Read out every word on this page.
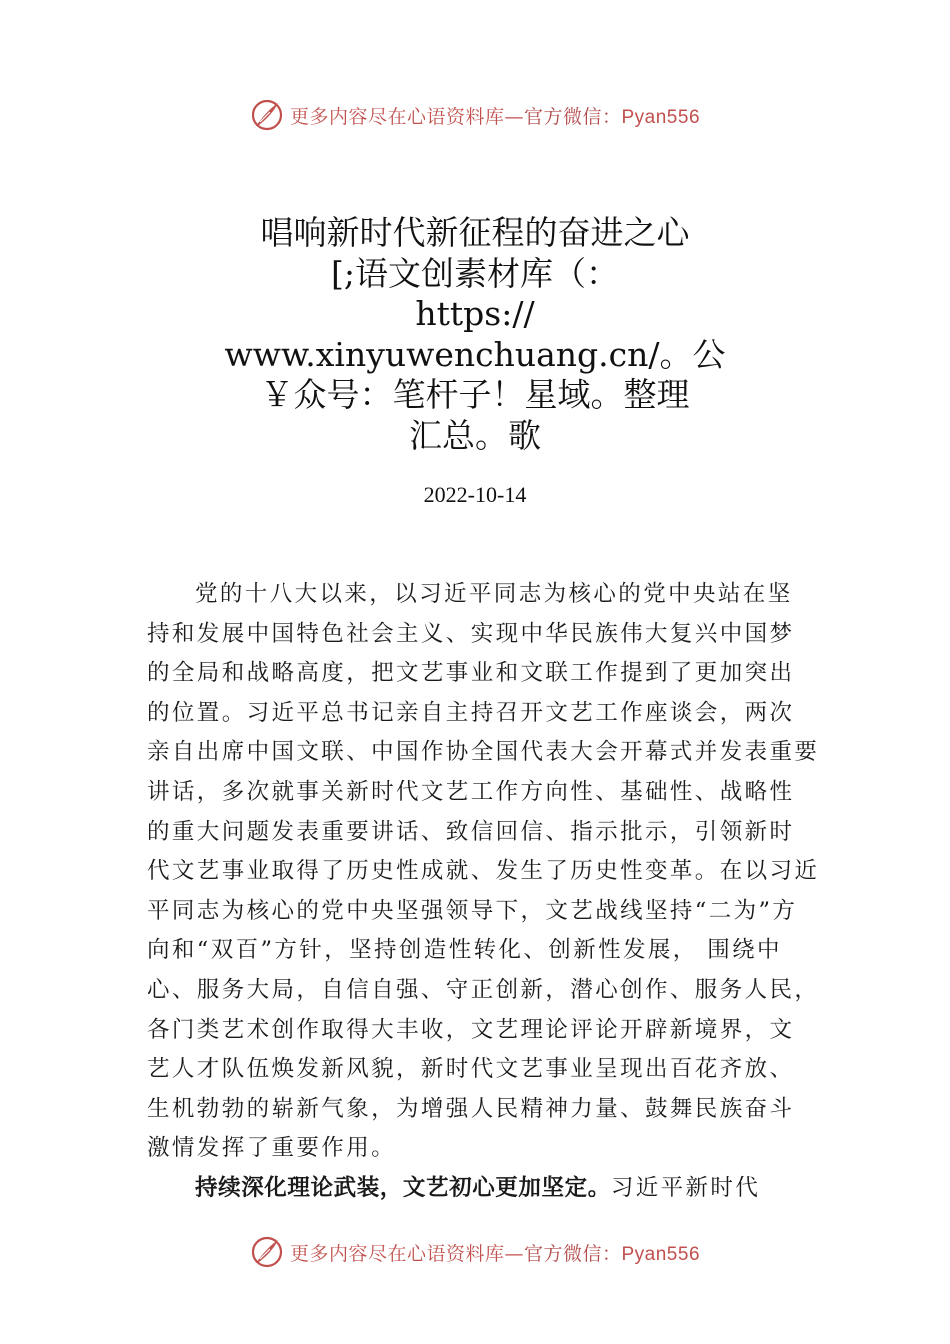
更多内容尽在心语资料库—官方微信：Pyan556
唱响新时代新征程的奋进之心
[;语文创素材库（：
https://
www.xinyuwenchuang.cn/。公
￥众号：笔杆子！星域。整理
汇总。歌
2022-10-14
党的十八大以来，以习近平同志为核心的党中央站在坚
持和发展中国特色社会主义、实现中华民族伟大复兴中国梦
的全局和战略高度，把文艺事业和文联工作提到了更加突出
的位置。习近平总书记亲自主持召开文艺工作座谈会，两次
亲自出席中国文联、中国作协全国代表大会开幕式并发表重要
讲话，多次就事关新时代文艺工作方向性、基础性、战略性
的重大问题发表重要讲话、致信回信、指示批示，引领新时
代文艺事业取得了历史性成就、发生了历史性变革。在以习近
平同志为核心的党中央坚强领导下，文艺战线坚持“二为”方
向和“双百”方针，坚持创造性转化、创新性发展， 围绕中
心、服务大局，自信自强、守正创新，潜心创作、服务人民，
各门类艺术创作取得大丰收，文艺理论评论开辟新境界，文
艺人才队伍焕发新风貌，新时代文艺事业呈现出百花齐放、
生机勃勃的崭新气象，为增强人民精神力量、鼓舞民族奋斗
激情发挥了重要作用。
持续深化理论武装，文艺初心更加坚定。习近平新时代
更多内容尽在心语资料库—官方微信：Pyan556
